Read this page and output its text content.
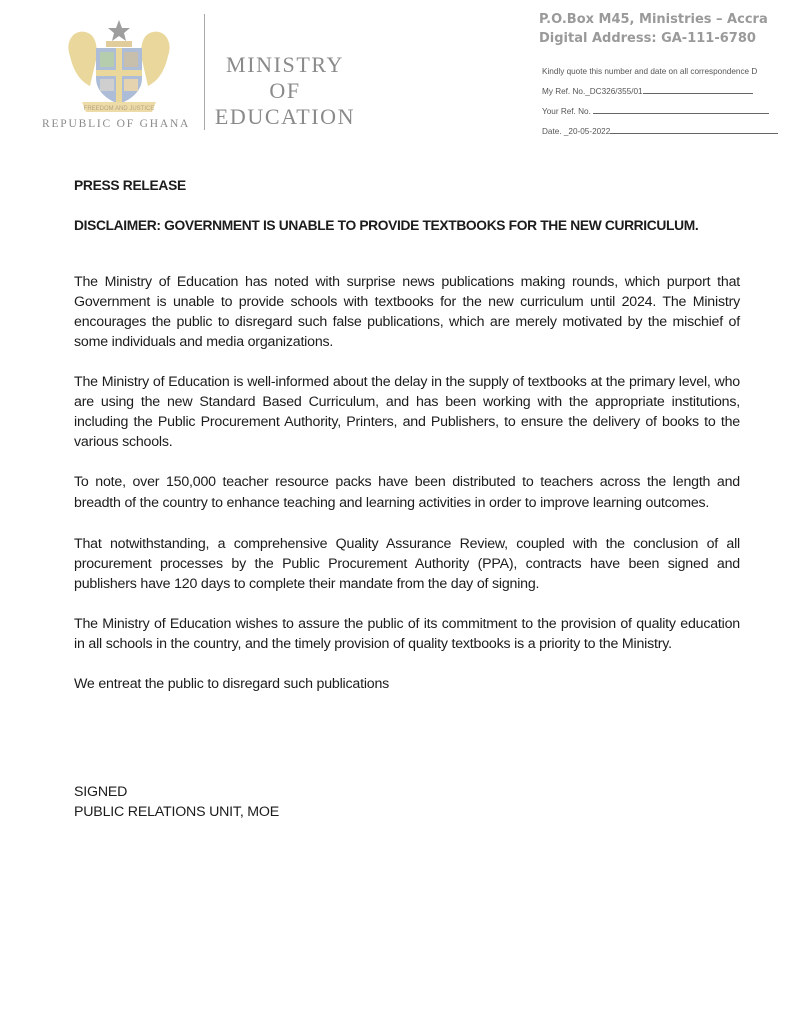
FREEDOM AND JUSTICE
REPUBLIC OF GHANA
MINISTRY
OF
EDUCATION
P.O.Box M45, Ministries – Accra
Digital Address: GA-111-6780
Kindly quote this number and date on all correspondence D
My Ref. No._DC326/355/01
Your Ref. No.
Date. _20-05-2022
PRESS RELEASE
DISCLAIMER: GOVERNMENT IS UNABLE TO PROVIDE TEXTBOOKS FOR THE NEW CURRICULUM.

The Ministry of Education has noted with surprise news publications making rounds, which purport that Government is unable to provide schools with textbooks for the new curriculum until 2024. The Ministry encourages the public to disregard such false publications, which are merely motivated by the mischief of some individuals and media organizations.

The Ministry of Education is well-informed about the delay in the supply of textbooks at the primary level, who are using the new Standard Based Curriculum, and has been working with the appropriate institutions, including the Public Procurement Authority, Printers, and Publishers, to ensure the delivery of books to the various schools.

To note, over 150,000 teacher resource packs have been distributed to teachers across the length and breadth of the country to enhance teaching and learning activities in order to improve learning outcomes.

That notwithstanding, a comprehensive Quality Assurance Review, coupled with the conclusion of all procurement processes by the Public Procurement Authority (PPA), contracts have been signed and publishers have 120 days to complete their mandate from the day of signing.

The Ministry of Education wishes to assure the public of its commitment to the provision of quality education in all schools in the country, and the timely provision of quality textbooks is a priority to the Ministry.

We entreat the public to disregard such publications

SIGNED
PUBLIC RELATIONS UNIT, MOE
